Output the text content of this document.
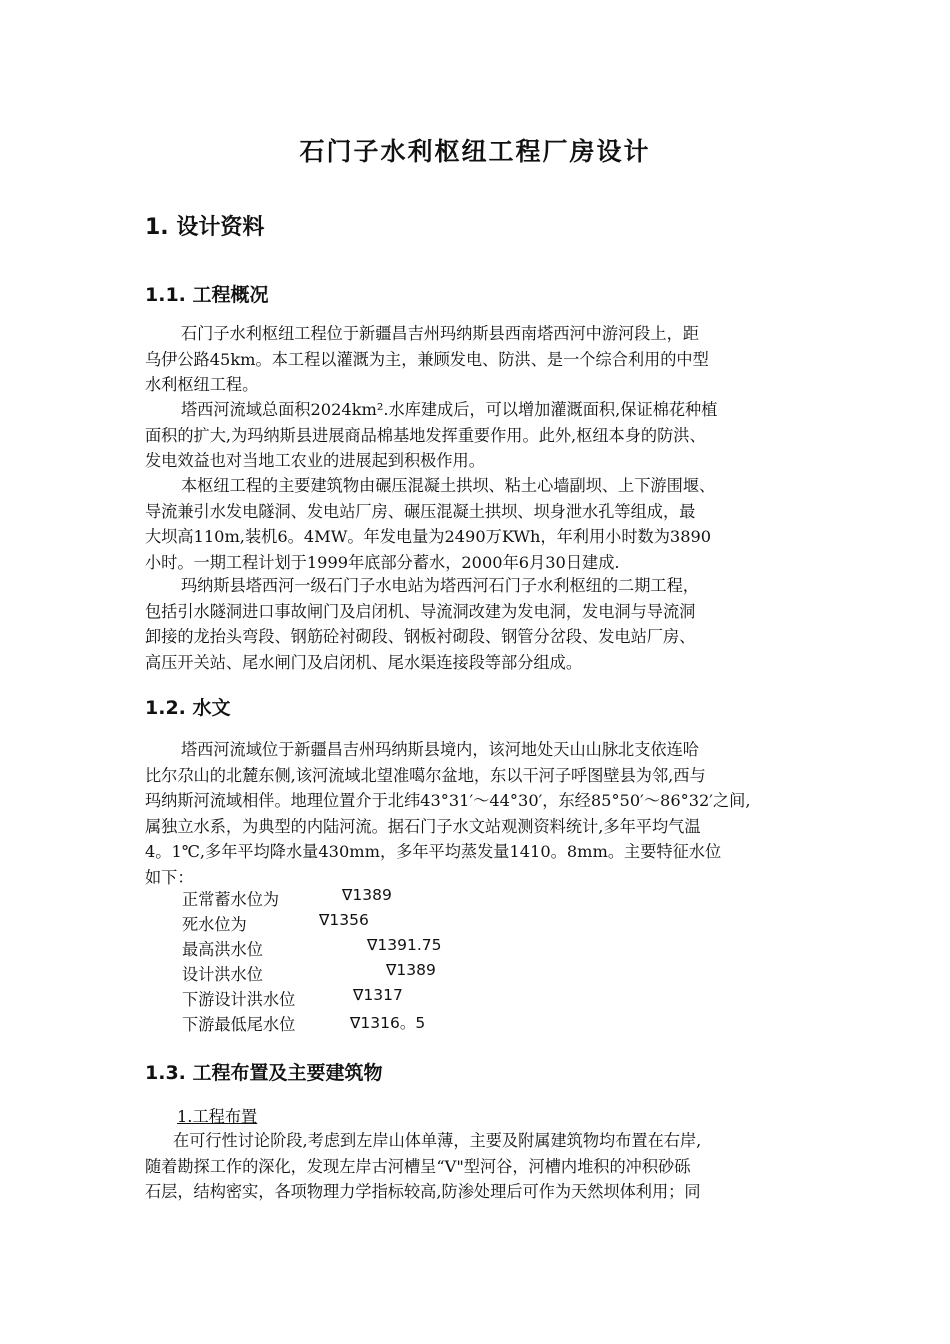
石门子水利枢纽工程厂房设计
1. 设计资料
1.1. 工程概况
石门子水利枢纽工程位于新疆昌吉州玛纳斯县西南塔西河中游河段上，距
乌伊公路45km。本工程以灌溉为主，兼顾发电、防洪、是一个综合利用的中型
水利枢纽工程。
塔西河流域总面积2024km².水库建成后，可以增加灌溉面积,保证棉花种植
面积的扩大,为玛纳斯县进展商品棉基地发挥重要作用。此外,枢纽本身的防洪、
发电效益也对当地工农业的进展起到积极作用。
本枢纽工程的主要建筑物由碾压混凝土拱坝、粘土心墙副坝、上下游围堰、
导流兼引水发电隧洞、发电站厂房、碾压混凝土拱坝、坝身泄水孔等组成，最
大坝高110m,装机6。4MW。年发电量为2490万KWh，年利用小时数为3890
小时。一期工程计划于1999年底部分蓄水，2000年6月30日建成.
玛纳斯县塔西河一级石门子水电站为塔西河石门子水利枢纽的二期工程，
包括引水隧洞进口事故闸门及启闭机、导流洞改建为发电洞，发电洞与导流洞
卸接的龙抬头弯段、钢筋砼衬砌段、钢板衬砌段、钢管分岔段、发电站厂房、
高压开关站、尾水闸门及启闭机、尾水渠连接段等部分组成。
1.2. 水文
塔西河流域位于新疆昌吉州玛纳斯县境内，该河地处天山山脉北支依连哈
比尔尕山的北麓东侧,该河流域北望准噶尔盆地，东以干河子呼图壁县为邻,西与
玛纳斯河流域相伴。地理位置介于北纬43°31′～44°30′，东经85°50′～86°32′之间,
属独立水系，为典型的内陆河流。据石门子水文站观测资料统计,多年平均气温
4。1℃,多年平均降水量430mm，多年平均蒸发量1410。8mm。主要特征水位
如下：
正常蓄水位为	∇1389
死水位为	∇1356
最高洪水位	∇1391.75
设计洪水位	∇1389
下游设计洪水位	∇1317
下游最低尾水位	∇1316。5
1.3. 工程布置及主要建筑物
1.工程布置
在可行性讨论阶段,考虑到左岸山体单薄，主要及附属建筑物均布置在右岸,
随着勘探工作的深化，发现左岸古河槽呈“V"型河谷，河槽内堆积的冲积砂砾
石层，结构密实，各项物理力学指标较高,防渗处理后可作为天然坝体利用；同
